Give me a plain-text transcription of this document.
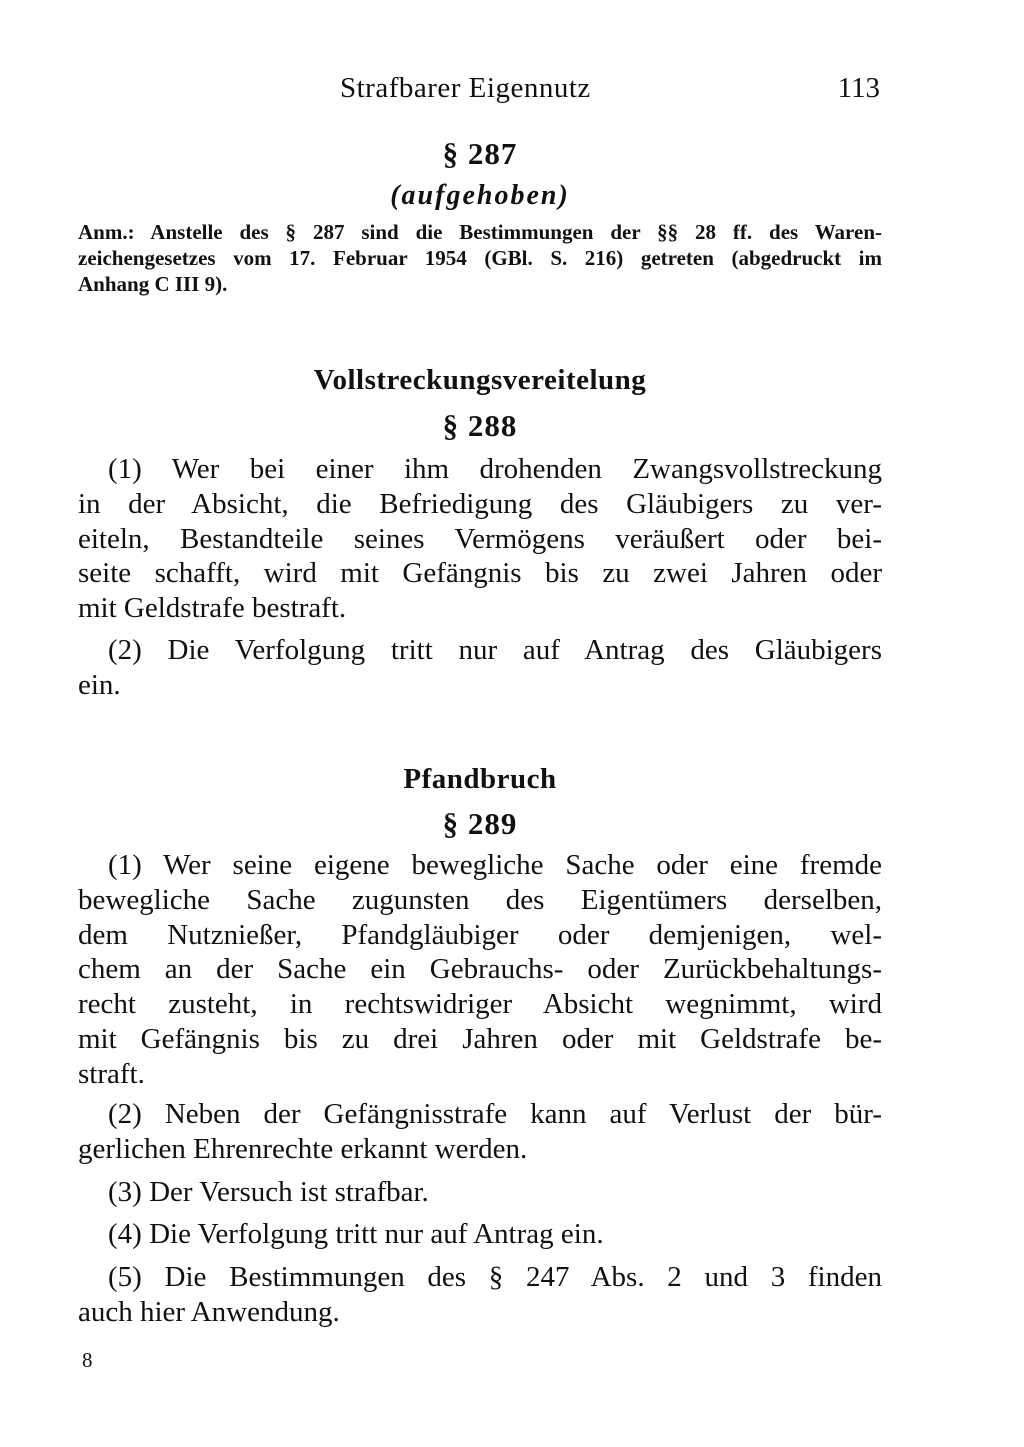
Strafbarer Eigennutz	113
§ 287
(aufgehoben)
Anm.: Anstelle des § 287 sind die Bestimmungen der §§ 28 ff. des Waren-
zeichengesetzes vom 17. Februar 1954 (GBl. S. 216) getreten (abgedruckt im
Anhang C III 9).
Vollstreckungsvereitelung
§ 288
(1) Wer bei einer ihm drohenden Zwangsvollstreckung
in der Absicht, die Befriedigung des Gläubigers zu ver-
eiteln, Bestandteile seines Vermögens veräußert oder bei-
seite schafft, wird mit Gefängnis bis zu zwei Jahren oder
mit Geldstrafe bestraft.
(2) Die Verfolgung tritt nur auf Antrag des Gläubigers
ein.
Pfandbruch
§ 289
(1) Wer seine eigene bewegliche Sache oder eine fremde
bewegliche Sache zugunsten des Eigentümers derselben,
dem Nutznießer, Pfandgläubiger oder demjenigen, wel-
chem an der Sache ein Gebrauchs- oder Zurückbehaltungs-
recht zusteht, in rechtswidriger Absicht wegnimmt, wird
mit Gefängnis bis zu drei Jahren oder mit Geldstrafe be-
straft.
(2) Neben der Gefängnisstrafe kann auf Verlust der bür-
gerlichen Ehrenrechte erkannt werden.
(3) Der Versuch ist strafbar.
(4) Die Verfolgung tritt nur auf Antrag ein.
(5) Die Bestimmungen des § 247 Abs. 2 und 3 finden
auch hier Anwendung.
8
